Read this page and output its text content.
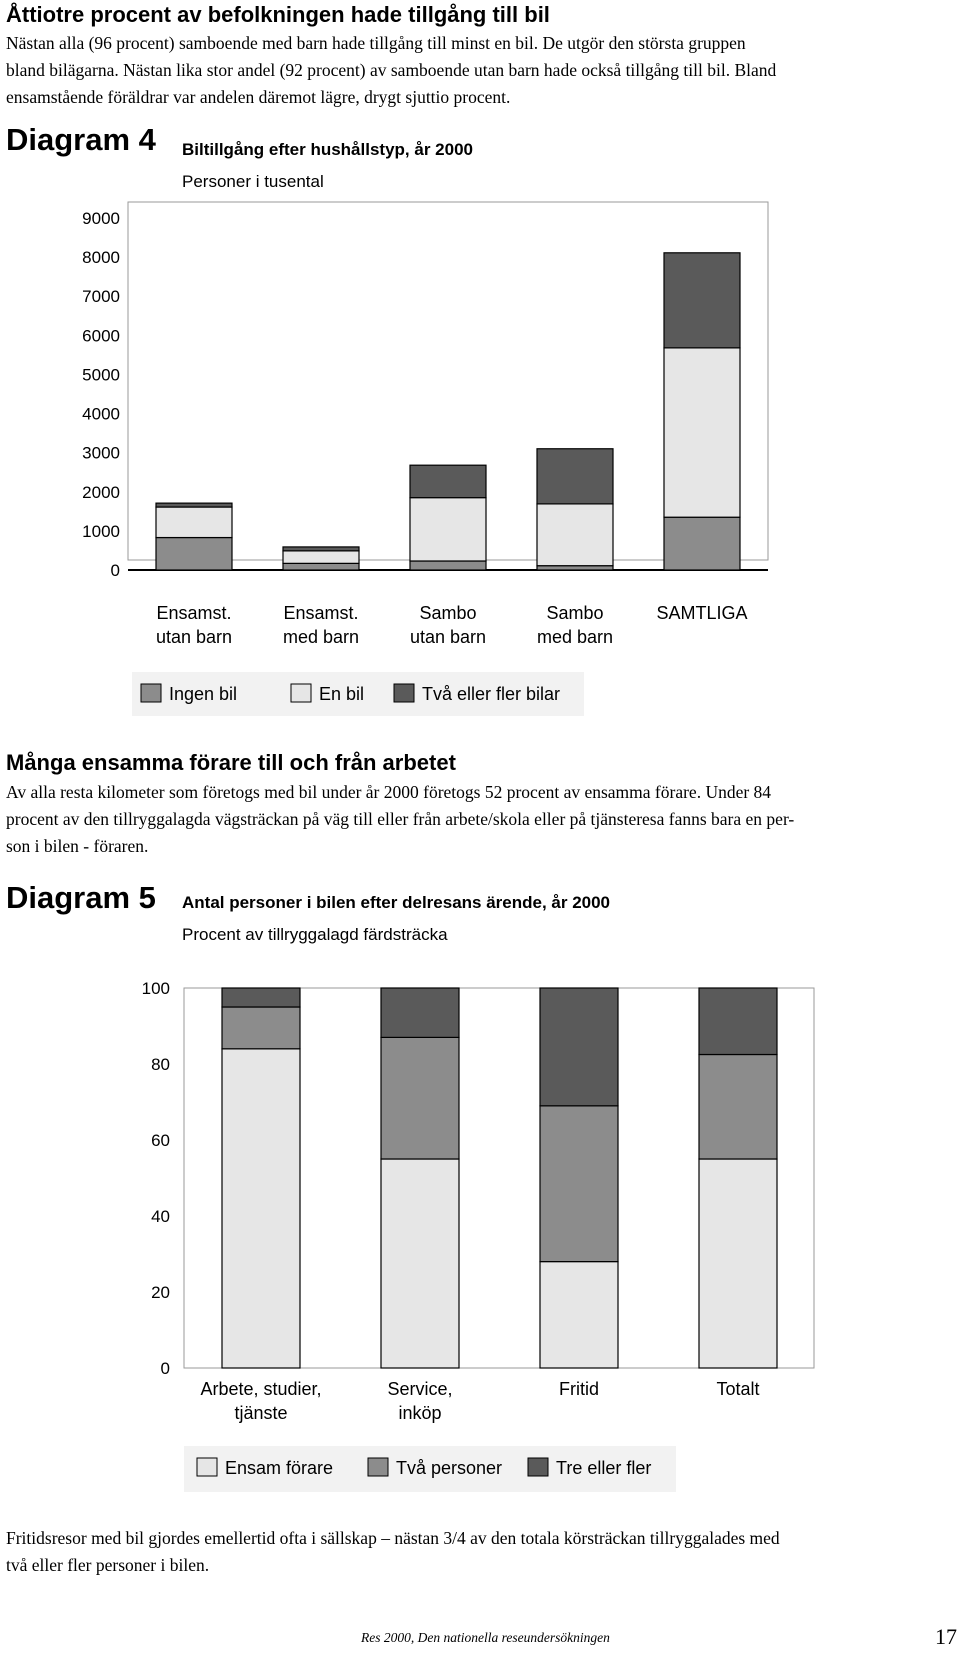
Åttiotre procent av befolkningen hade tillgång till bil
Nästan alla (96 procent) samboende med barn hade tillgång till minst en bil. De utgör den största gruppen
bland bilägarna. Nästan lika stor andel (92 procent) av samboende utan barn hade också tillgång till bil. Bland
ensamstående föräldrar var andelen däremot lägre, drygt sjuttio procent.
Diagram 4 Biltillgång efter hushållstyp, år 2000
Personer i tusental
0
1000
2000
3000
4000
5000
6000
7000
8000
9000
Ensamst.
utan barn
Ensamst.
med barn
Sambo
utan barn
Sambo
med barn
SAMTLIGA
Ingen bil	En bil	Två eller fler bilar
Många ensamma förare till och från arbetet
Av alla resta kilometer som företogs med bil under år 2000 företogs 52 procent av ensamma förare. Under 84
procent av den tillryggalagda vägsträckan på väg till eller från arbete/skola eller på tjänsteresa fanns bara en per-
son i bilen - föraren.
Diagram 5 Antal personer i bilen efter delresans ärende, år 2000
Procent av tillryggalagd färdsträcka
0
20
40
60
80
100
Arbete, studier,
tjänste
Service,
inköp
Fritid	Totalt
Ensam förare	Två personer	Tre eller fler
Fritidsresor med bil gjordes emellertid ofta i sällskap – nästan 3/4 av den totala körsträckan tillryggalades med
två eller fler personer i bilen.
Res 2000, Den nationella reseundersökningen	17
